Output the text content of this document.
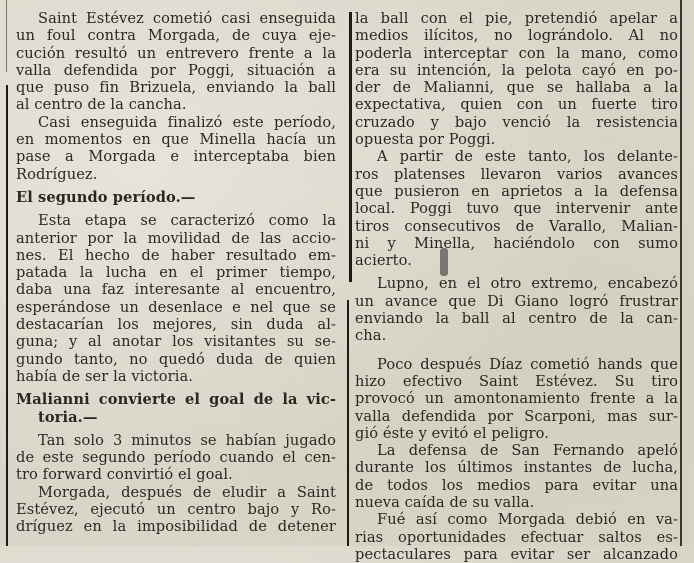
Saint Estévez cometió casi enseguida
un foul contra Morgada, de cuya eje-
cución resultó un entrevero frente a la
valla defendida por Poggi, situación a
que puso fin Brizuela, enviando la ball
al centro de la cancha.
Casi enseguida finalizó este período,
en momentos en que Minella hacía un
pase a Morgada e interceptaba bien
Rodríguez.
El segundo período.—
Esta etapa se caracterizó como la
anterior por la movilidad de las accio-
nes. El hecho de haber resultado em-
patada la lucha en el primer tiempo,
daba una faz interesante al encuentro,
esperándose un desenlace e nel que se
destacarían los mejores, sin duda al-
guna; y al anotar los visitantes su se-
gundo tanto, no quedó duda de quien
había de ser la victoria.
Malianni convierte el goal de la vic-
toria.—
Tan solo 3 minutos se habían jugado
de este segundo período cuando el cen-
tro forward convirtió el goal.
Morgada, después de eludir a Saint
Estévez, ejecutó un centro bajo y Ro-
dríguez en la imposibilidad de detener
la ball con el pie, pretendió apelar a
medios ilícitos, no lográndolo. Al no
poderla interceptar con la mano, como
era su intención, la pelota cayó en po-
der de Malianni, que se hallaba a la
expectativa, quien con un fuerte tiro
cruzado y bajo venció la resistencia
opuesta por Poggi.
A partir de este tanto, los delante-
ros platenses llevaron varios avances
que pusieron en aprietos a la defensa
local. Poggi tuvo que intervenir ante
tiros consecutivos de Varallo, Malian-
ni y Minella, haciéndolo con sumo
acierto.
Lupno, en el otro extremo, encabezó
un avance que Di Giano logró frustrar
enviando la ball al centro de la can-
cha.
Poco después Díaz cometió hands que
hizo efectivo Saint Estévez. Su tiro
provocó un amontonamiento frente a la
valla defendida por Scarponi, mas sur-
gió éste y evitó el peligro.
La defensa de San Fernando apeló
durante los últimos instantes de lucha,
de todos los medios para evitar una
nueva caída de su valla.
Fué así como Morgada debió en va-
rias oportunidades efectuar saltos es-
pectaculares para evitar ser alcanzado
